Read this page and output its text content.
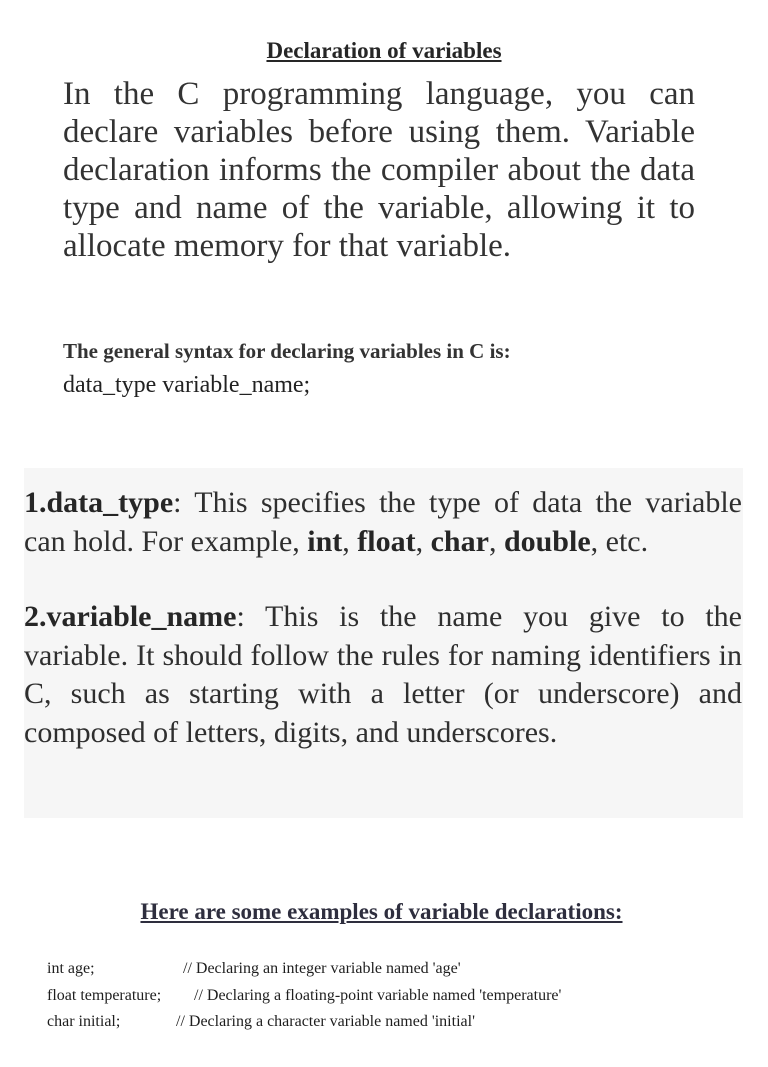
Declaration of variables

In the C programming language, you can declare variables before using them. Variable declaration informs the compiler about the data type and name of the variable, allowing it to allocate memory for that variable.

The general syntax for declaring variables in C is:

data_type variable_name;

1.data_type: This specifies the type of data the variable can hold. For example, int, float, char, double, etc.

2.variable_name: This is the name you give to the variable. It should follow the rules for naming identifiers in C, such as starting with a letter (or underscore) and composed of letters, digits, and underscores.

Here are some examples of variable declarations:

int age;

	// Declaring an integer variable named 'age'

float temperature;

// Declaring a floating-point variable named 'temperature'

char initial;

	// Declaring a character variable named 'initial'
